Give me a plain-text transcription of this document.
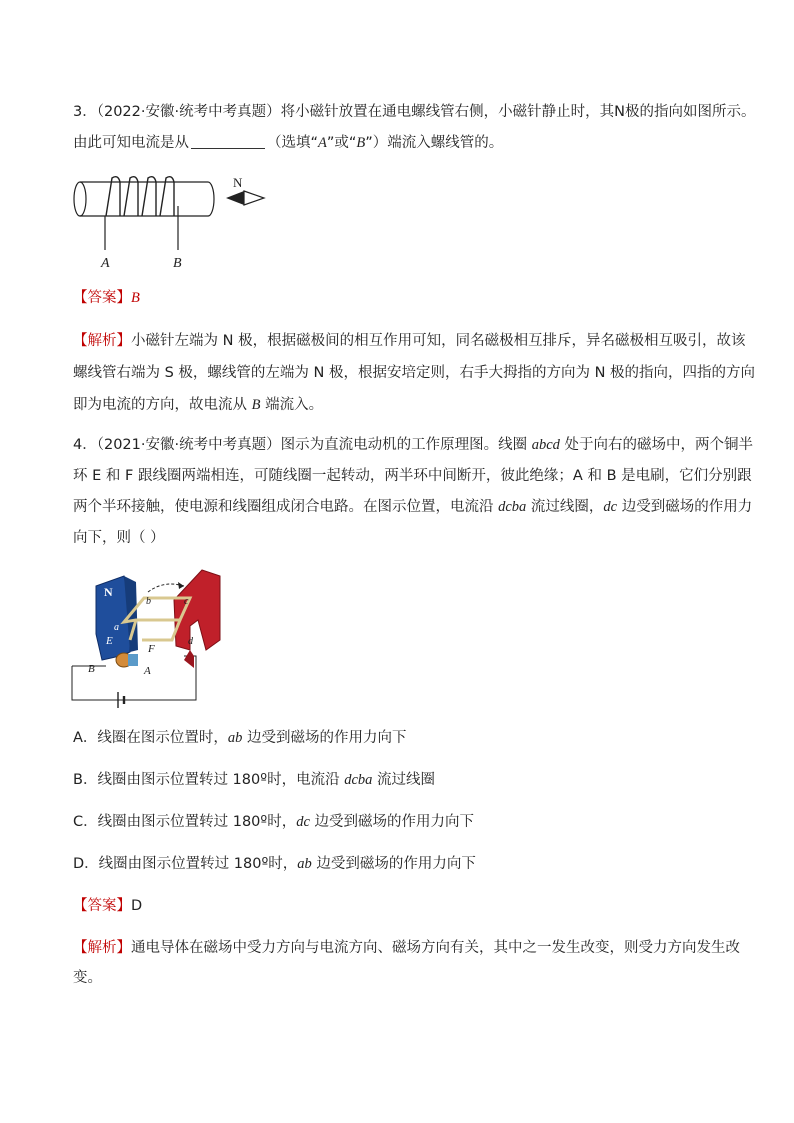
3．（2022·安徽·统考中考真题）将小磁针放置在通电螺线管右侧，小磁针静止时，其N极的指向如图所示。
由此可知电流是从	（选填“A”或“B”）端流入螺线管的。
A	B
N
【答案】B
【解析】小磁针左端为 N 极，根据磁极间的相互作用可知，同名磁极相互排斥，异名磁极相互吸引，故该
螺线管右端为 S 极，螺线管的左端为 N 极，根据安培定则，右手大拇指的方向为 N 极的指向，四指的方向
即为电流的方向，故电流从 B 端流入。
4．（2021·安徽·统考中考真题）图示为直流电动机的工作原理图。线圈 abcd 处于向右的磁场中，两个铜半
环 E 和 F 跟线圈两端相连，可随线圈一起转动，两半环中间断开，彼此绝缘；A 和 B 是电刷，它们分别跟
两个半环接触，使电源和线圈组成闭合电路。在图示位置，电流沿 dcba 流过线圈，dc 边受到磁场的作用力
向下，则（ ）
N	S
b	c
a
d
E
F
B	A
A．线圈在图示位置时，ab 边受到磁场的作用力向下
B．线圈由图示位置转过 180º时，电流沿 dcba 流过线圈
C．线圈由图示位置转过 180º时，dc 边受到磁场的作用力向下
D．线圈由图示位置转过 180º时，ab 边受到磁场的作用力向下
【答案】D
【解析】通电导体在磁场中受力方向与电流方向、磁场方向有关，其中之一发生改变，则受力方向发生改
变。
